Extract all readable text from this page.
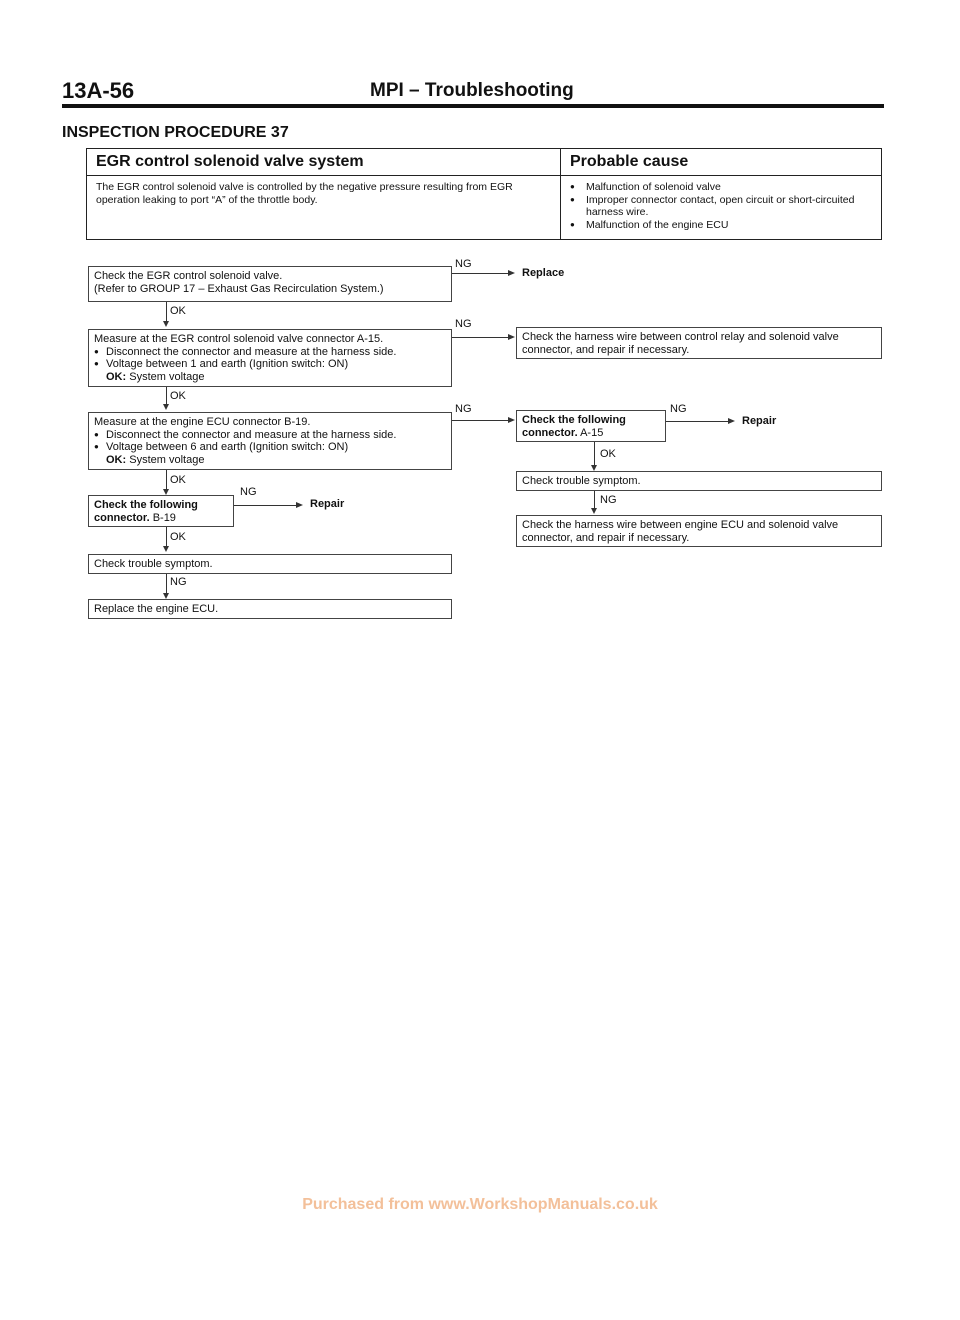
13A-56	MPI – Troubleshooting
INSPECTION PROCEDURE 37
EGR control solenoid valve system	Probable cause
The EGR control solenoid valve is controlled by the negative pressure resulting from EGR operation leaking to port “A” of the throttle body.
● Malfunction of solenoid valve
● Improper connector contact, open circuit or short-circuited harness wire.
● Malfunction of the engine ECU
Check the EGR control solenoid valve.
(Refer to GROUP 17 – Exhaust Gas Recirculation System.)
NG
Replace
OK
Measure at the EGR control solenoid valve connector A-15.
● Disconnect the connector and measure at the harness side.
● Voltage between 1 and earth (Ignition switch: ON)
OK: System voltage
NG
Check the harness wire between control relay and solenoid valve connector, and repair if necessary.
OK
Measure at the engine ECU connector B-19.
● Disconnect the connector and measure at the harness side.
● Voltage between 6 and earth (Ignition switch: ON)
OK: System voltage
NG
Check the following connector. A-15
NG
Repair
OK
Check trouble symptom.
NG
Check the harness wire between engine ECU and solenoid valve connector, and repair if necessary.
OK
Check the following connector. B-19
NG
Repair
OK
Check trouble symptom.
NG
Replace the engine ECU.
Purchased from www.WorkshopManuals.co.uk
